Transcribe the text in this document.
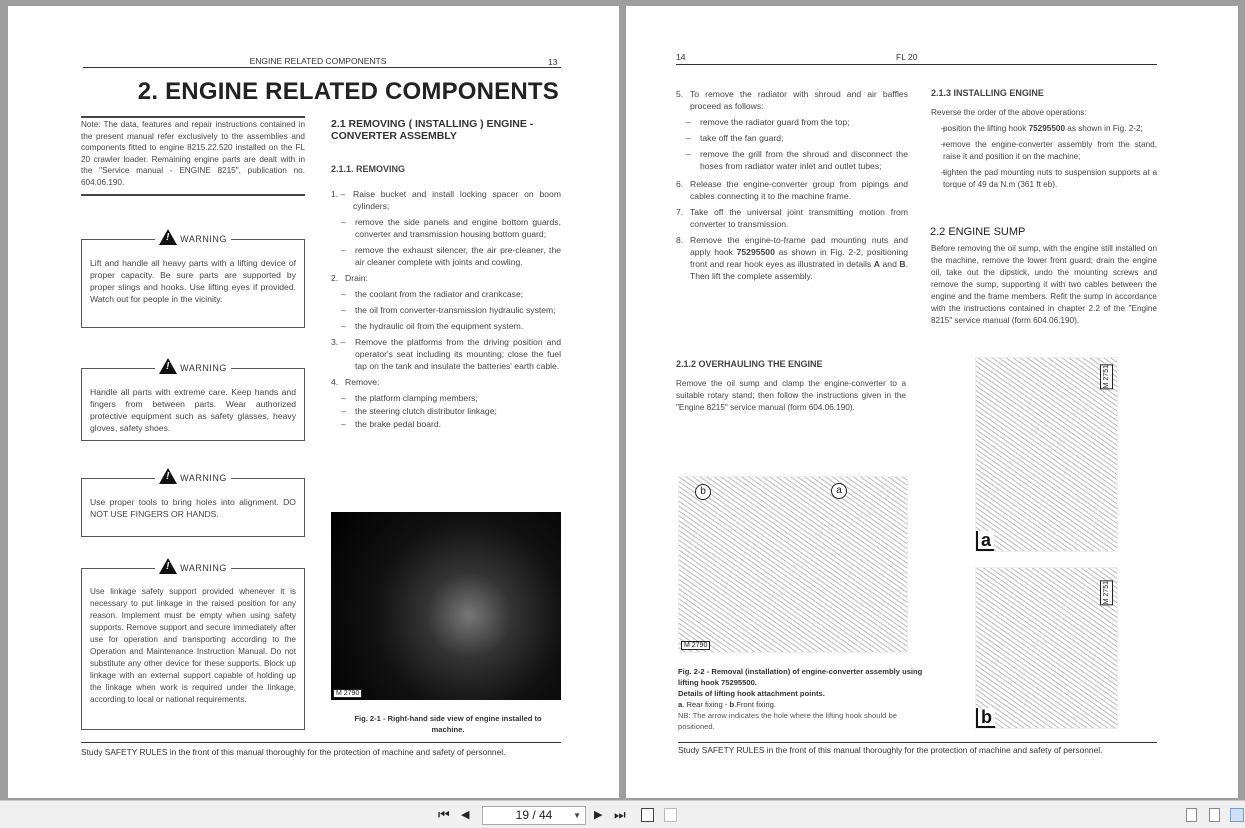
ENGINE RELATED COMPONENTS	13
2. ENGINE RELATED COMPONENTS
Note: The data, features and repair instructions contained in the present manual refer exclusively to the assemblies and components fitted to engine 8215.22.520 installed on the FL 20 crawler loader. Remaining engine parts are dealt with in the "Service manual - ENGINE 8215", publication no. 604.06.190.
!WARNING
Lift and handle all heavy parts with a lifting device of proper capacity. Be sure parts are supported by proper slings and hooks. Use lifting eyes if provided. Watch out for people in the vicinity.
!WARNING
Handle all parts with extreme care. Keep hands and fingers from between parts. Wear authorized protective equipment such as safety glasses, heavy gloves, safety shoes.
!WARNING
Use proper tools to bring holes into alignment. DO NOT USE FINGERS OR HANDS.
!WARNING
Use linkage safety support provided whenever it is necessary to put linkage in the raised position for any reason. Implement must be empty when using safety supports. Remove support and secure immediately after use for operation and transporting according to the Operation and Maintenance Instruction Manual. Do not substitute any other device for these supports. Block up linkage with an external support capable of holding up the linkage when work is required under the linkage, according to local or national requirements.
2.1 REMOVING ( INSTALLING ) ENGINE - CONVERTER ASSEMBLY
2.1.1. REMOVING
1. – Raise bucket and install locking spacer on boom cylinders;
– remove the side panels and engine bottom guards, converter and transmission housing bottom guard;
– remove the exhaust silencer, the air pre-cleaner, the air cleaner complete with joints and cowling.
2. Drain:
– the coolant from the radiator and crankcase;
– the oil from converter-transmission hydraulic system;
– the hydraulic oil from the equipment system.
3. – Remove the platforms from the driving position and operator's seat including its mounting; close the fuel tap on the tank and insulate the batteries' earth cable.
4. Remove:
– the platform clamping members;
– the steering clutch distributor linkage;
– the brake pedal board.
M 2790
Fig. 2-1 - Right-hand side view of engine installed to machine.
Study SAFETY RULES in the front of this manual thoroughly for the protection of machine and safety of personnel.
14	FL 20
5. To remove the radiator with shroud and air baffles proceed as follows:
– remove the radiator guard from the top;
– take off the fan guard;
– remove the grill from the shroud and disconnect the hoses from radiator water inlet and outlet tubes;
6. Release the engine-converter group from pipings and cables connecting it to the machine frame.
7. Take off the universal joint transmitting motion from converter to transmission.
8. Remove the engine-to-frame pad mounting nuts and apply hook 75295500 as shown in Fig. 2-2, positioning front and rear hook eyes as illustrated in details A and B. Then lift the complete assembly.
2.1.2 OVERHAULING THE ENGINE
Remove the oil sump and clamp the engine-converter to a suitable rotary stand; then follow the instructions given in the "Engine 8215" service manual (form 604.06.190).
b	a
M 2790
Fig. 2-2 - Removal (installation) of engine-converter assembly using lifting hook 75295500.
Details of lifting hook attachment points.
a. Rear fixing - b.Front fixing.
NB: The arrow indicates the hole where the lifting hook should be positioned.
2.1.3 INSTALLING ENGINE
Reverse the order of the above operations:
– position the lifting hook 75295500 as shown in Fig. 2-2;
– remove the engine-converter assembly from the stand, raise it and position it on the machine;
– tighten the pad mounting nuts to suspension supports at a torque of 49 da N.m (361 ft eb).
2.2 ENGINE SUMP
Before removing the oil sump, with the engine still installed on the machine, remove the lower front guard; drain the engine oil, take out the dipstick, undo the mounting screws and remove the sump, supporting it with two cables between the engine and the frame members. Refit the sump in accordance with the instructions contained in chapter 2.2 of the "Engine 8215" service manual (form 604.06.190).
a
M 2751
b
M 2751
Study SAFETY RULES in the front of this manual thoroughly for the protection of machine and safety of personnel.
⏮ ◀	19 / 44	▼ ▶ ⏭
